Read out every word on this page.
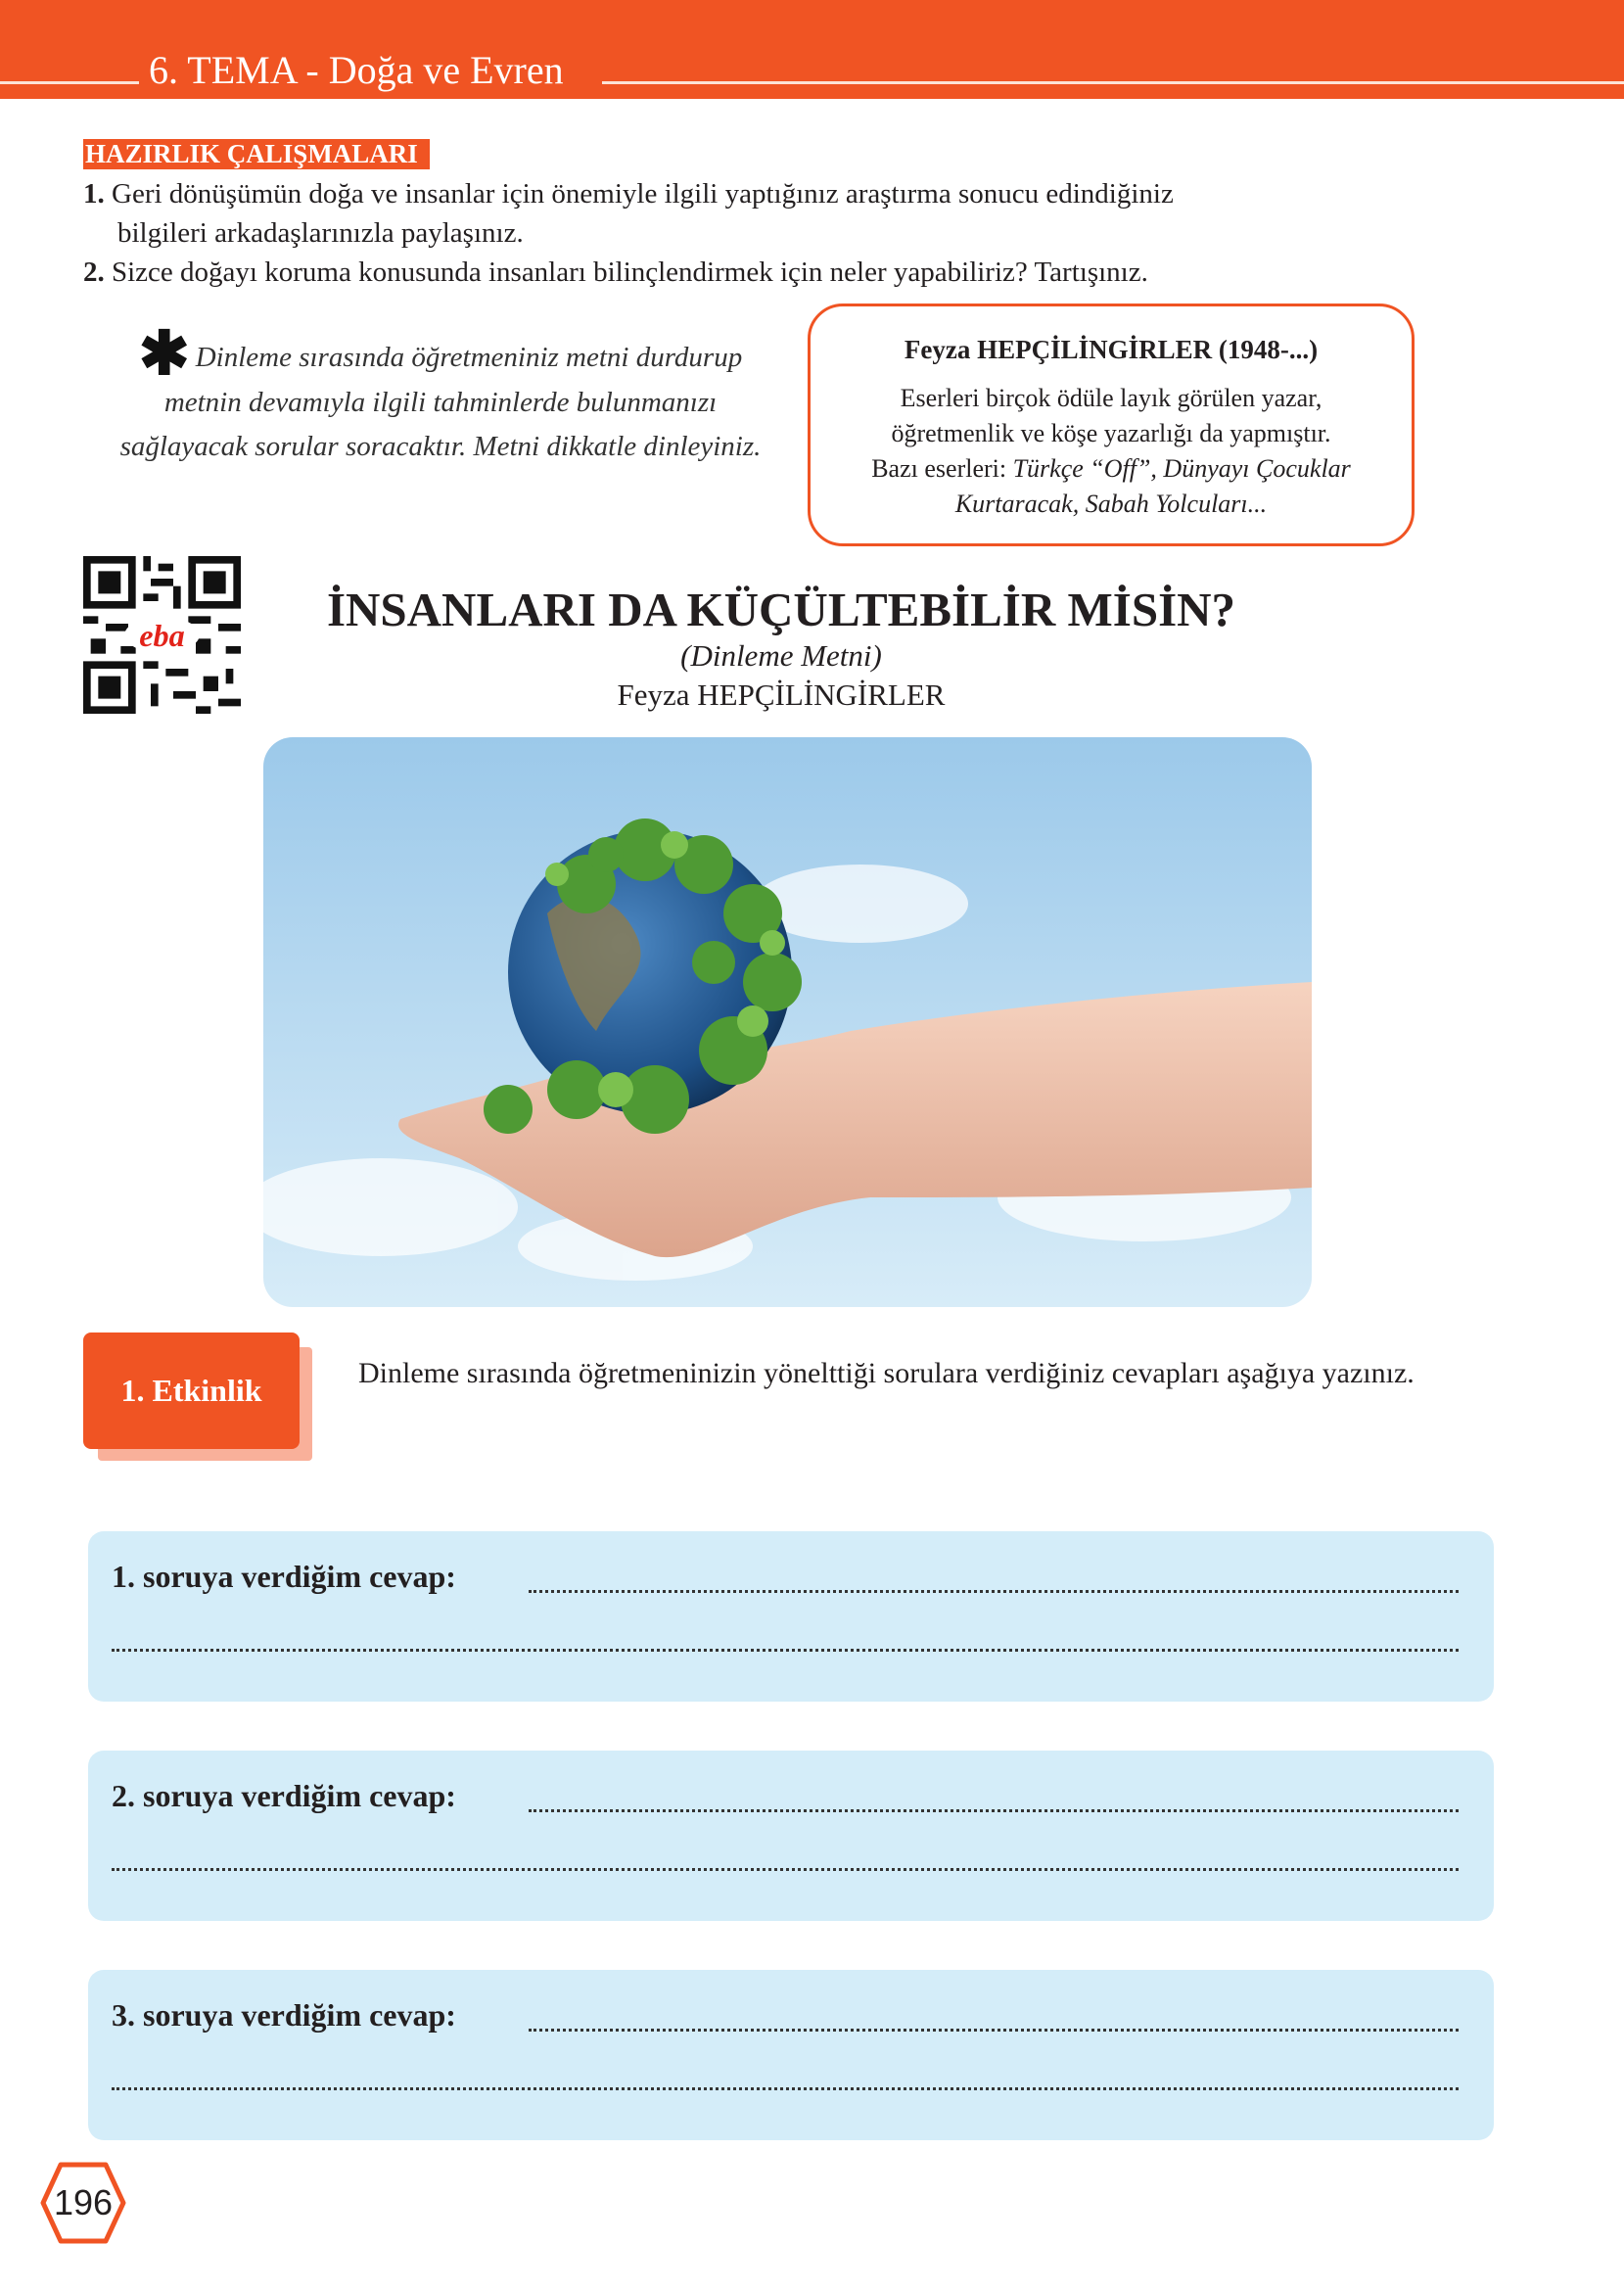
6. TEMA - Doğa ve Evren
HAZIRLIK ÇALIŞMALARI
1. Geri dönüşümün doğa ve insanlar için önemiyle ilgili yaptığınız araştırma sonucu edindiğiniz
bilgileri arkadaşlarınızla paylaşınız.
2. Sizce doğayı koruma konusunda insanları bilinçlendirmek için neler yapabiliriz? Tartışınız.
✱ Dinleme sırasında öğretmeniniz metni durdurup metnin devamıyla ilgili tahminlerde bulunmanızı sağlayacak sorular soracaktır. Metni dikkatle dinleyiniz.
Feyza HEPÇİLİNGİRLER (1948-...)
Eserleri birçok ödüle layık görülen yazar,
öğretmenlik ve köşe yazarlığı da yapmıştır.
Bazı eserleri: Türkçe “Off”, Dünyayı Çocuklar Kurtaracak, Sabah Yolcuları...
eba	İNSANLARI DA KÜÇÜLTEBİLİR MİSİN?
(Dinleme Metni)
Feyza HEPÇİLİNGİRLER
1. Etkinlik	Dinleme sırasında öğretmeninizin yönelttiği sorulara verdiğiniz cevapları aşağıya yazınız.
1. soruya verdiğim cevap:
2. soruya verdiğim cevap:
3. soruya verdiğim cevap:
196
